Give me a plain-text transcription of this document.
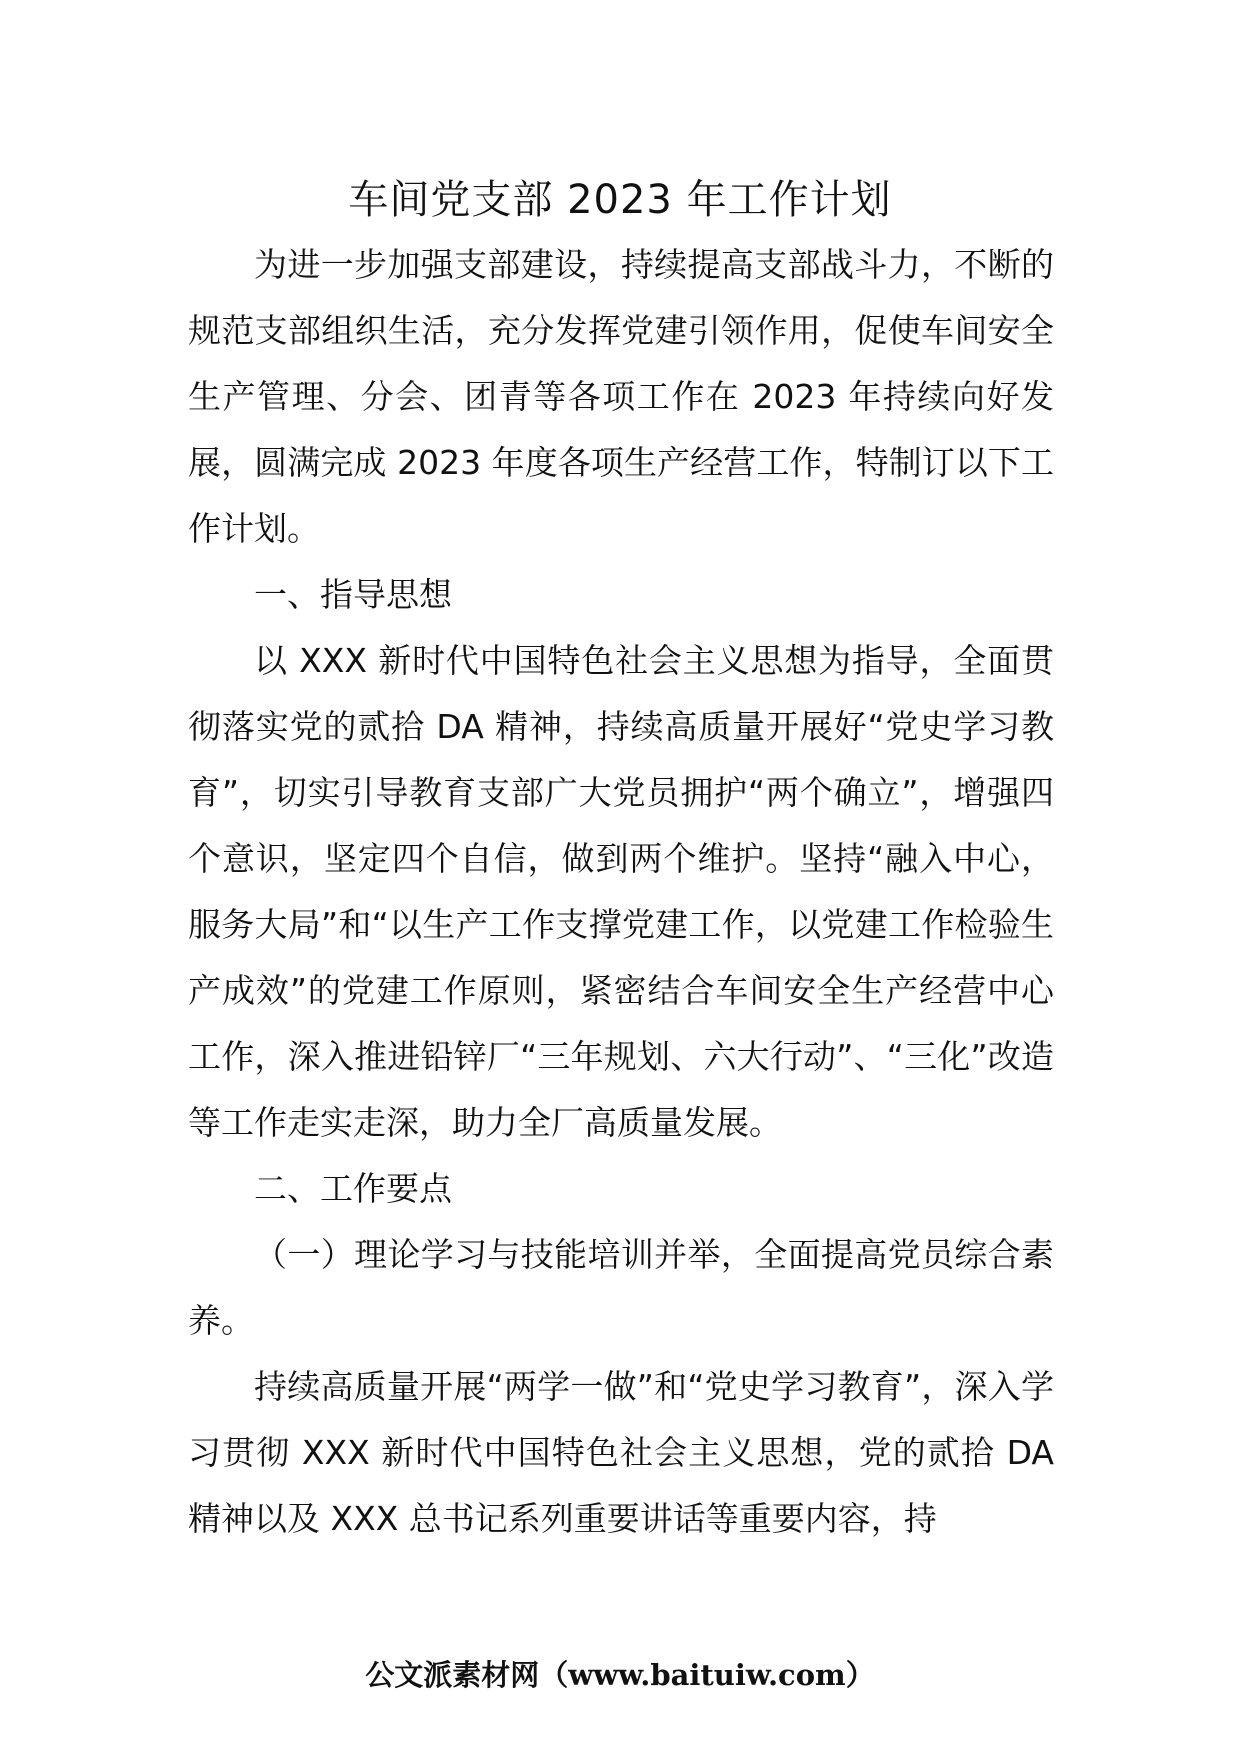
车间党支部 2023 年工作计划

为进一步加强支部建设，持续提高支部战斗力，不断的规范支部组织生活，充分发挥党建引领作用，促使车间安全生产管理、分会、团青等各项工作在 2023 年持续向好发展，圆满完成 2023 年度各项生产经营工作，特制订以下工作计划。

一、指导思想

以 XXX 新时代中国特色社会主义思想为指导，全面贯彻落实党的贰拾 DA 精神，持续高质量开展好“党史学习教育”，切实引导教育支部广大党员拥护“两个确立”，增强四个意识，坚定四个自信，做到两个维护。坚持“融入中心，服务大局”和“以生产工作支撑党建工作，以党建工作检验生产成效”的党建工作原则，紧密结合车间安全生产经营中心工作，深入推进铅锌厂“三年规划、六大行动”、“三化”改造等工作走实走深，助力全厂高质量发展。

二、工作要点

（一）理论学习与技能培训并举，全面提高党员综合素养。

持续高质量开展“两学一做”和“党史学习教育”，深入学习贯彻 XXX 新时代中国特色社会主义思想，党的贰拾 DA 精神以及 XXX 总书记系列重要讲话等重要内容，持

公文派素材网（www.baituiw.com）
